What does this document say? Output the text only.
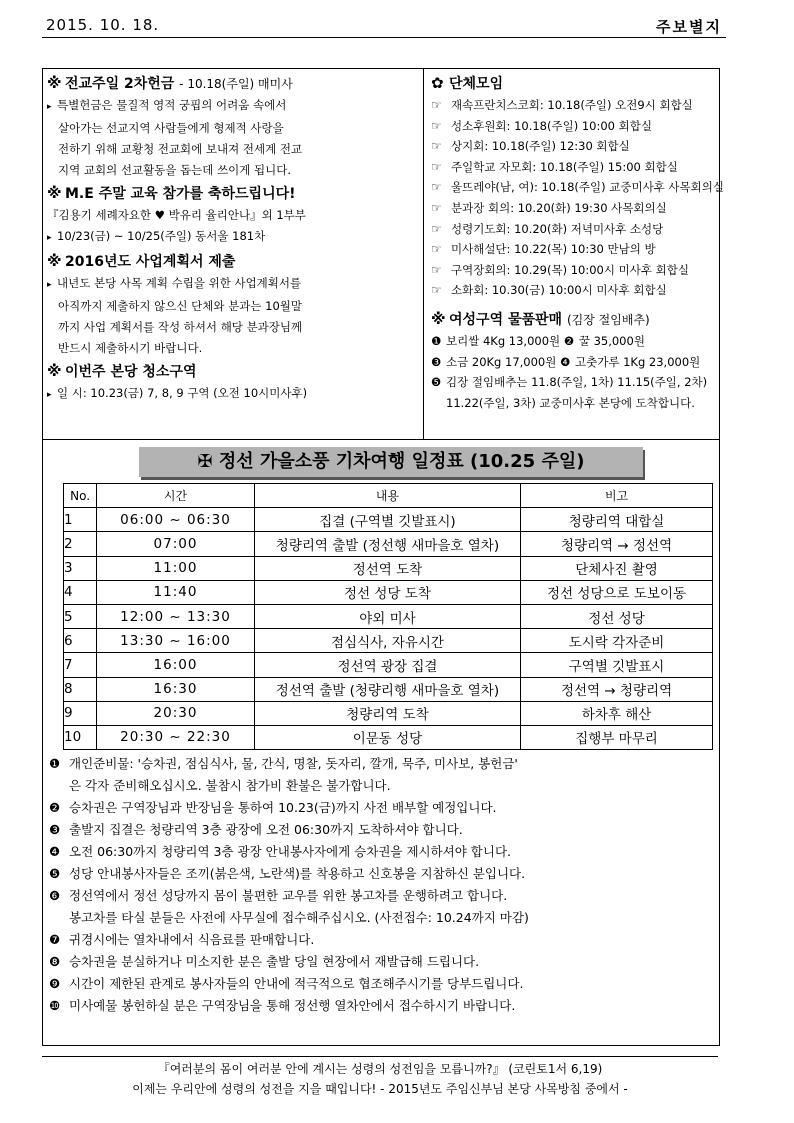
2015. 10. 18.	주보별지
※ 전교주일 2차헌금 - 10.18(주일) 매미사
▸ 특별헌금은 물질적 영적 궁핍의 어려움 속에서
살아가는 선교지역 사람들에게 형제적 사랑을
전하기 위해 교황청 전교회에 보내져 전세계 전교
지역 교회의 선교활동을 돕는데 쓰이게 됩니다.
※ M.E 주말 교육 참가를 축하드립니다!
『김용기 세례자요한 ♥ 박유리 율리안나』외 1부부
▸ 10/23(금) ~ 10/25(주일) 동서울 181차
※ 2016년도 사업계획서 제출
▸ 내년도 본당 사목 계획 수립을 위한 사업계획서를
아직까지 제출하지 않으신 단체와 분과는 10월말
까지 사업 계획서를 작성 하셔서 해당 분과장님께
반드시 제출하시기 바랍니다.
※ 이번주 본당 청소구역
▸ 일 시: 10.23(금) 7, 8, 9 구역 (오전 10시미사후)
✿ 단체모임
☞ 재속프란치스코회: 10.18(주일) 오전9시 회합실
☞ 성소후원회: 10.18(주일) 10:00 회합실
☞ 상지회: 10.18(주일) 12:30 회합실
☞ 주일학교 자모회: 10.18(주일) 15:00 회합실
☞ 울뜨레야(남, 여): 10.18(주일) 교중미사후 사목회의실
☞ 분과장 회의: 10.20(화) 19:30 사목회의실
☞ 성령기도회: 10.20(화) 저녁미사후 소성당
☞ 미사해설단: 10.22(목) 10:30 만남의 방
☞ 구역장회의: 10.29(목) 10:00시 미사후 회합실
☞ 소화회: 10.30(금) 10:00시 미사후 회합실
※ 여성구역 물품판매 (김장 절임배추)
❶ 보리쌀 4Kg 13,000원 ❷ 꿀 35,000원
❸ 소금 20Kg 17,000원 ❹ 고춧가루 1Kg 23,000원
❺ 김장 절임배추는 11.8(주일, 1차) 11.15(주일, 2차)
11.22(주일, 3차) 교중미사후 본당에 도착합니다.
✠ 정선 가을소풍 기차여행 일정표 (10.25 주일)
No.	시간	내용	비고
1	06:00 ~ 06:30	집결 (구역별 깃발표시)	청량리역 대합실
2	07:00	청량리역 출발 (정선행 새마을호 열차)	청량리역 → 정선역
3	11:00	정선역 도착	단체사진 촬영
4	11:40	정선 성당 도착	정선 성당으로 도보이동
5	12:00 ~ 13:30	야외 미사	정선 성당
6	13:30 ~ 16:00	점심식사, 자유시간	도시락 각자준비
7	16:00	정선역 광장 집결	구역별 깃발표시
8	16:30	정선역 출발 (청량리행 새마을호 열차)	정선역 → 청량리역
9	20:30	청량리역 도착	하차후 해산
10	20:30 ~ 22:30	이문동 성당	집행부 마무리
❶ 개인준비물: '승차권, 점심식사, 물, 간식, 명찰, 돗자리, 깔개, 묵주, 미사보, 봉헌금'
은 각자 준비해오십시오. 불참시 참가비 환불은 불가합니다.
❷ 승차권은 구역장님과 반장님을 통하여 10.23(금)까지 사전 배부할 예정입니다.
❸ 출발지 집결은 청량리역 3층 광장에 오전 06:30까지 도착하셔야 합니다.
❹ 오전 06:30까지 청량리역 3층 광장 안내봉사자에게 승차권을 제시하셔야 합니다.
❺ 성당 안내봉사자들은 조끼(붉은색, 노란색)를 착용하고 신호봉을 지참하신 분입니다.
❻ 정선역에서 정선 성당까지 몸이 불편한 교우를 위한 봉고차를 운행하려고 합니다.
봉고차를 타실 분들은 사전에 사무실에 접수해주십시오. (사전접수: 10.24까지 마감)
❼ 귀경시에는 열차내에서 식음료를 판매합니다.
❽ 승차권을 분실하거나 미소지한 분은 출발 당일 현장에서 재발급해 드립니다.
❾ 시간이 제한된 관계로 봉사자들의 안내에 적극적으로 협조해주시기를 당부드립니다.
❿ 미사예물 봉헌하실 분은 구역장님을 통해 정선행 열차안에서 접수하시기 바랍니다.
『여러분의 몸이 여러분 안에 계시는 성령의 성전임을 모릅니까?』 (코린토1서 6,19)
이제는 우리안에 성령의 성전을 지을 때입니다! - 2015년도 주임신부님 본당 사목방침 중에서 -
